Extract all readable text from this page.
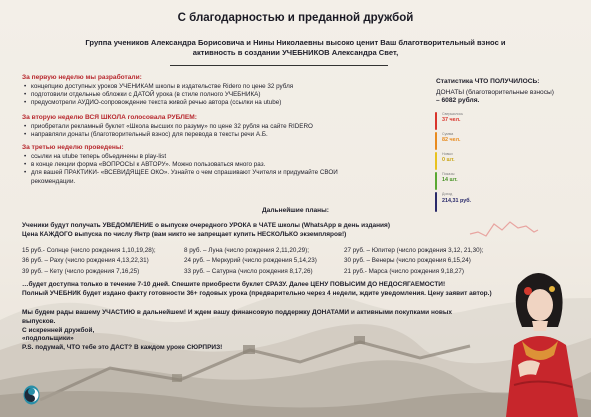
С благодарностью и преданной дружбой
Группа учеников Александра Борисовича и Нины Николаевны высоко ценит Ваш благотворительный взнос и активность в создании УЧЕБНИКОВ Александра Свет,
За первую неделю мы разработали:
• концепцию доступных уроков УЧЕНИКАМ школы в издательстве Ridero по цене 32 рубля
• подготовили отдельные обложки с ДАТОЙ урока (в стиле полного УЧЕБНИКА)
• предусмотрели АУДИО-сопровождение текста живой речью автора (ссылки на utube)
За вторую неделю ВСЯ ШКОЛА голосовала РУБЛЕМ:
• приобретали рекламный буклет «Школа высших по разуму» по цене 32 рубля на сайте RIDERO
• направляли донаты (благотворительный взнос) для перевода в тексты речи А.Б.
За третью неделю проведены:
• ссылки на utube теперь объединены в play-list
• в конце лекции форма «ВОПРОСЫ к АВТОРУ». Можно пользоваться много раз.
• для вашей ПРАКТИКИ- «ВСЕВИДЯЩЕЕ ОКО». Узнайте о чем спрашивают Учителя и придумайте СВОИ рекомендации.
Статистика ЧТО ПОЛУЧИЛОСЬ:
ДОНАТЫ (благотворительные взносы)
– 6082 рубля.
Свершилось
37 чел.
Сумма
82 чел.
Новых
0 шт.
Показы
14 шт.
Доход
214,31 руб.
Дальнейшие планы:
Ученики будут получать УВЕДОМЛЕНИЕ о выпуске очередного УРОКА в ЧАТЕ школы (WhatsApp в день издания)
Цена КАЖДОГО выпуска по числу Янтр (вам никто не запрещает купить НЕСКОЛЬКО экземпляров!)
15 руб.- Солнце (число рождения 1,10,19,28);
36 руб. – Раху (число рождения 4,13,22,31)
39 руб. – Кету (число рождения 7,16,25)
8 руб. – Луна (число рождения 2,11,20,29);
24 руб. – Меркурий (число рождения 5,14,23)
33 руб. – Сатурна (число рождения 8,17,26)
27 руб. – Юпитер (число рождения 3,12, 21,30);
30 руб. – Венеры (число рождения 6,15,24)
21 руб.- Марса (число рождения 9,18,27)
…будет доступна только в течение 7-10 дней. Спешите приобрести буклет СРАЗУ. Далее ЦЕНУ ПОВЫСИМ ДО НЕДОСЯГАЕМОСТИ!
Полный УЧЕБНИК будет издано факту готовности 36+ годовых урока (предварительно через 4 недели, ждите уведомления. Цену заявит автор.)
Мы будем рады вашему УЧАСТИЮ в дальнейшем! И ждем вашу финансовую поддержку ДОНАТАМИ и активными покупками новых выпусков.
С искренней дружбой,
«подпольщики»
P.S. подумай, ЧТО тебе это ДАСТ? В каждом уроке СЮРПРИЗ!
